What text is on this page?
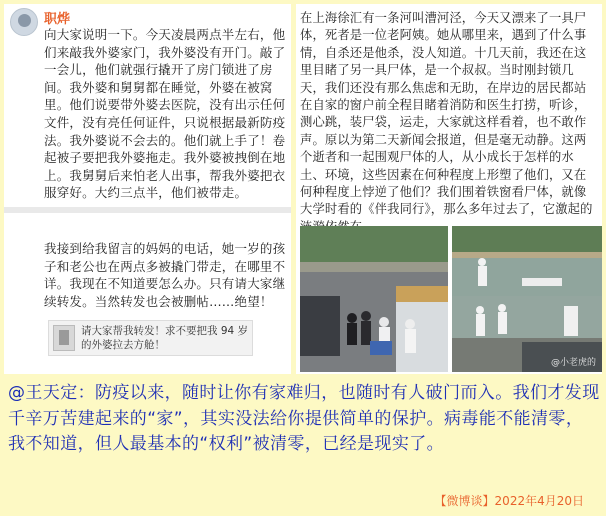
职烨
向大家说明一下。今天凌晨两点半左右，他们来敲我外婆家门，我外婆没有开门。敲了一会儿，他们就强行撬开了房门锁进了房间。我外婆和舅舅都在睡觉，外婆在被窝里。他们说要带外婆去医院，没有出示任何文件，没有亮任何证件，只说根据最新防疫法。我外婆说不会去的。他们就上手了！卷起被子要把我外婆拖走。我外婆被拽倒在地上。我舅舅后来怕老人出事，帮我外婆把衣服穿好。大约三点半，他们被带走。
我接到给我留言的妈妈的电话，她一岁的孩子和老公也在两点多被撬门带走，在哪里不详。我现在不知道要怎么办。只有请大家继续转发。当然转发也会被删帖……绝望！
请大家帮我转发！求不要把我 94 岁的外婆拉去方舱！
在上海徐汇有一条河叫漕河泾，今天又漂来了一具尸体，死者是一位老阿姨。她从哪里来，遇到了什么事情，自杀还是他杀，没人知道。十几天前，我还在这里目睹了另一具尸体，是一个叔叔。当时刚封锁几天，我们还没有那么焦虑和无助，在岸边的居民都站在自家的窗户前全程目睹着消防和医生打捞，听诊，测心跳，装尸袋，运走，大家就这样看着，也不敢作声。原以为第二天新闻会报道，但是毫无动静。这两个逝者和一起围观尸体的人，从小成长于怎样的水土、环境，这些因素在何种程度上形塑了他们，又在何种程度上悖逆了他们？我们围着铁窗看尸体，就像大学时看的《伴我同行》，那么多年过去了，它激起的
@小老虎的
@王天定：防疫以来，随时让你有家难归，也随时有人破门而入。我们才发现千辛万苦建起来的“家”，其实没法给你提供简单的保护。病毒能不能清零，我不知道，但人最基本的“权利”被清零，已经是现实了。
【微博谈】2022年4月20日
